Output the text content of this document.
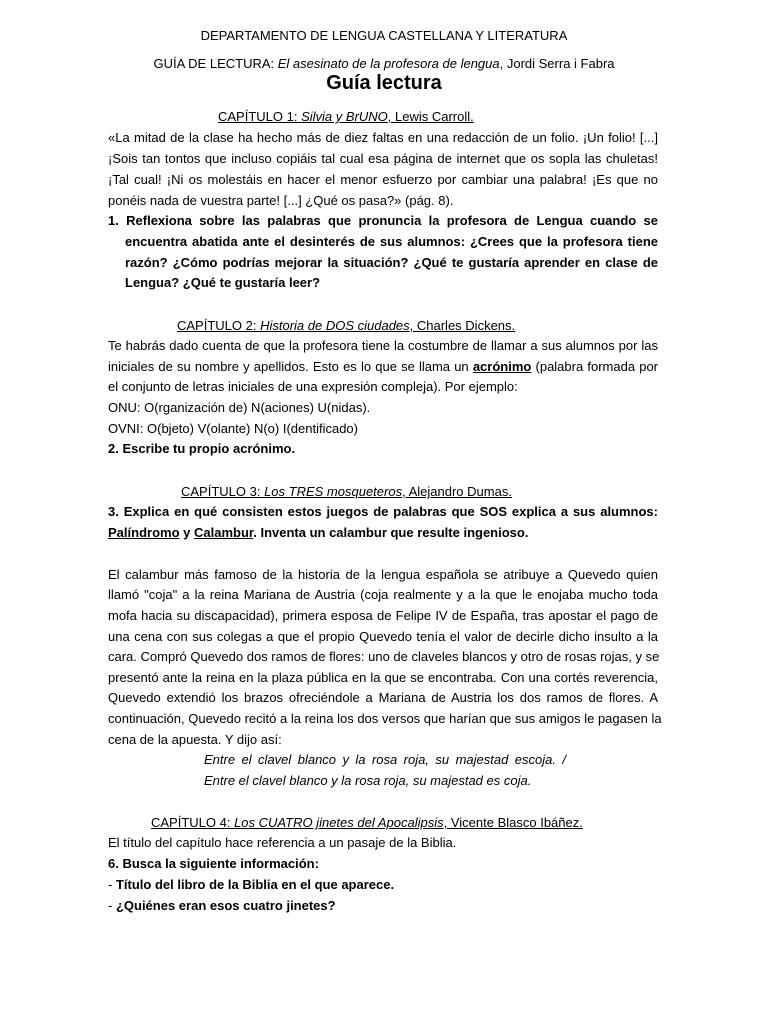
DEPARTAMENTO DE LENGUA CASTELLANA Y LITERATURA
GUÍA DE LECTURA: El asesinato de la profesora de lengua, Jordi Serra i Fabra
Guía lectura
CAPÍTULO 1: Silvia y BrUNO, Lewis Carroll.
«La mitad de la clase ha hecho más de diez faltas en una redacción de un folio. ¡Un folio! [...]
¡Sois tan tontos que incluso copiáis tal cual esa página de internet que os sopla las chuletas!
¡Tal cual! ¡Ni os molestáis en hacer el menor esfuerzo por cambiar una palabra! ¡Es que no
ponéis nada de vuestra parte! [...] ¿Qué os pasa?» (pág. 8).
1. Reflexiona sobre las palabras que pronuncia la profesora de Lengua cuando se
encuentra abatida ante el desinterés de sus alumnos: ¿Crees que la profesora tiene
razón? ¿Cómo podrías mejorar la situación? ¿Qué te gustaría aprender en clase de
Lengua? ¿Qué te gustaría leer?
CAPÍTULO 2: Historia de DOS ciudades, Charles Dickens.
Te habrás dado cuenta de que la profesora tiene la costumbre de llamar a sus alumnos por las
iniciales de su nombre y apellidos. Esto es lo que se llama un acrónimo (palabra formada por
el conjunto de letras iniciales de una expresión compleja). Por ejemplo:
ONU: O(rganización de) N(aciones) U(nidas).
OVNI: O(bjeto) V(olante) N(o) I(dentificado)
2. Escribe tu propio acrónimo.
CAPÍTULO 3: Los TRES mosqueteros, Alejandro Dumas.
3. Explica en qué consisten estos juegos de palabras que SOS explica a sus alumnos:
Palíndromo y Calambur. Inventa un calambur que resulte ingenioso.
El calambur más famoso de la historia de la lengua española se atribuye a Quevedo quien
llamó "coja" a la reina Mariana de Austria (coja realmente y a la que le enojaba mucho toda
mofa hacia su discapacidad), primera esposa de Felipe IV de España, tras apostar el pago de
una cena con sus colegas a que el propio Quevedo tenía el valor de decirle dicho insulto a la
cara. Compró Quevedo dos ramos de flores: uno de claveles blancos y otro de rosas rojas, y se
presentó ante la reina en la plaza pública en la que se encontraba. Con una cortés reverencia,
Quevedo extendió los brazos ofreciéndole a Mariana de Austria los dos ramos de flores. A
continuación, Quevedo recitó a la reina los dos versos que harían que sus amigos le pagasen la
cena de la apuesta. Y dijo así:
Entre el clavel blanco y la rosa roja, su majestad escoja. /
Entre el clavel blanco y la rosa roja, su majestad es coja.
CAPÍTULO 4: Los CUATRO jinetes del Apocalipsis, Vicente Blasco Ibáñez.
El título del capítulo hace referencia a un pasaje de la Biblia.
6. Busca la siguiente información:
- Título del libro de la Biblia en el que aparece.
- ¿Quiénes eran esos cuatro jinetes?
